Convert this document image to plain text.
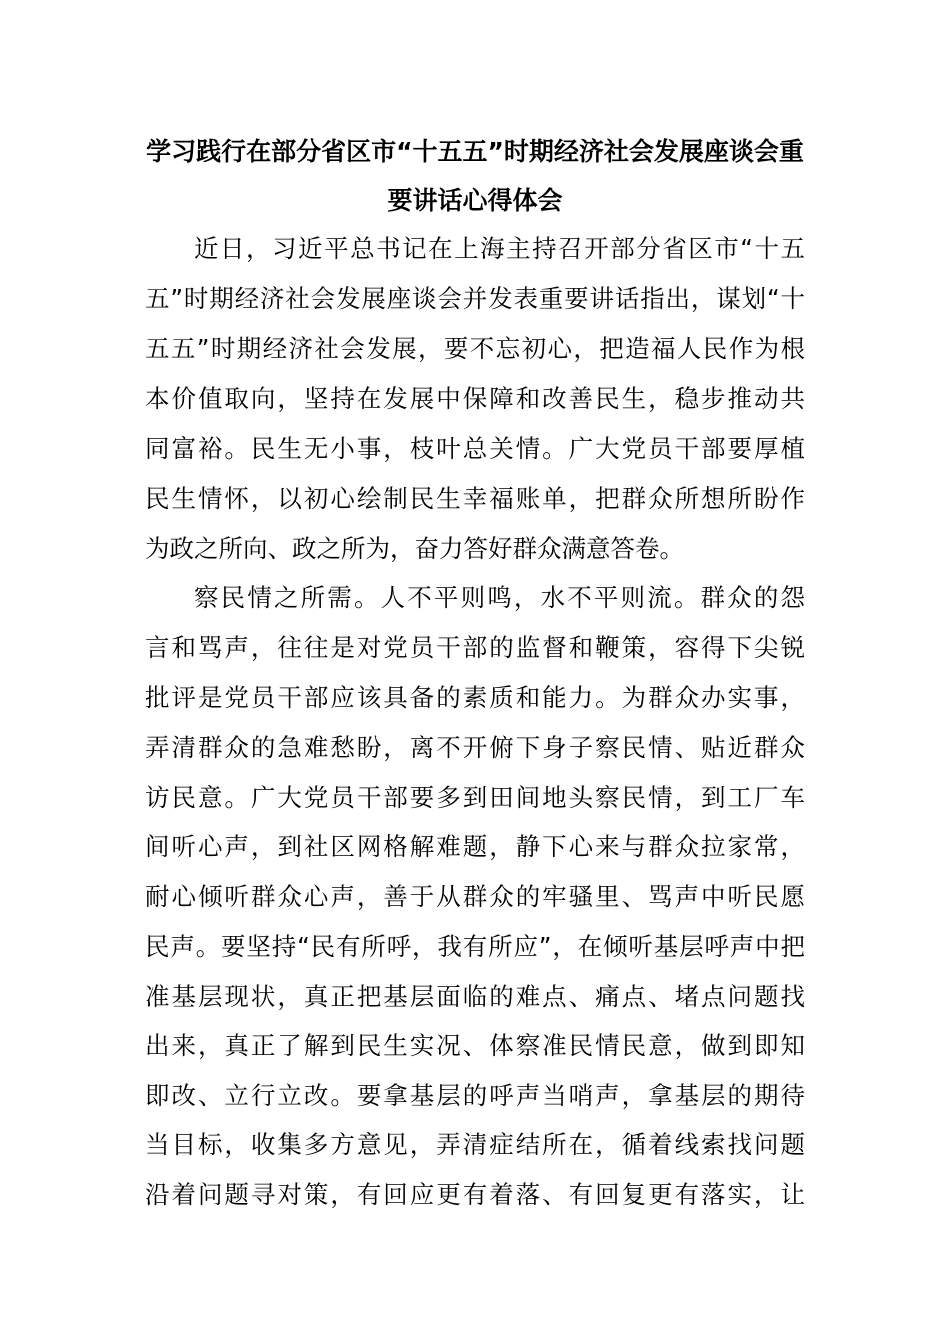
学习践行在部分省区市“十五五”时期经济社会发展座谈会重
要讲话心得体会

近日，习近平总书记在上海主持召开部分省区市“十五

五”时期经济社会发展座谈会并发表重要讲话指出，谋划“十

五五”时期经济社会发展，要不忘初心，把造福人民作为根

本价值取向，坚持在发展中保障和改善民生，稳步推动共

同富裕。民生无小事，枝叶总关情。广大党员干部要厚植

民生情怀，以初心绘制民生幸福账单，把群众所想所盼作

为政之所向、政之所为，奋力答好群众满意答卷。

察民情之所需。人不平则鸣，水不平则流。群众的怨

言和骂声，往往是对党员干部的监督和鞭策，容得下尖锐

批评是党员干部应该具备的素质和能力。为群众办实事，

弄清群众的急难愁盼，离不开俯下身子察民情、贴近群众

访民意。广大党员干部要多到田间地头察民情，到工厂车

间听心声，到社区网格解难题，静下心来与群众拉家常，

耐心倾听群众心声，善于从群众的牢骚里、骂声中听民愿

民声。要坚持“民有所呼，我有所应”，在倾听基层呼声中把

准基层现状，真正把基层面临的难点、痛点、堵点问题找

出来，真正了解到民生实况、体察准民情民意，做到即知

即改、立行立改。要拿基层的呼声当哨声，拿基层的期待

当目标，收集多方意见，弄清症结所在，循着线索找问题

沿着问题寻对策，有回应更有着落、有回复更有落实，让
